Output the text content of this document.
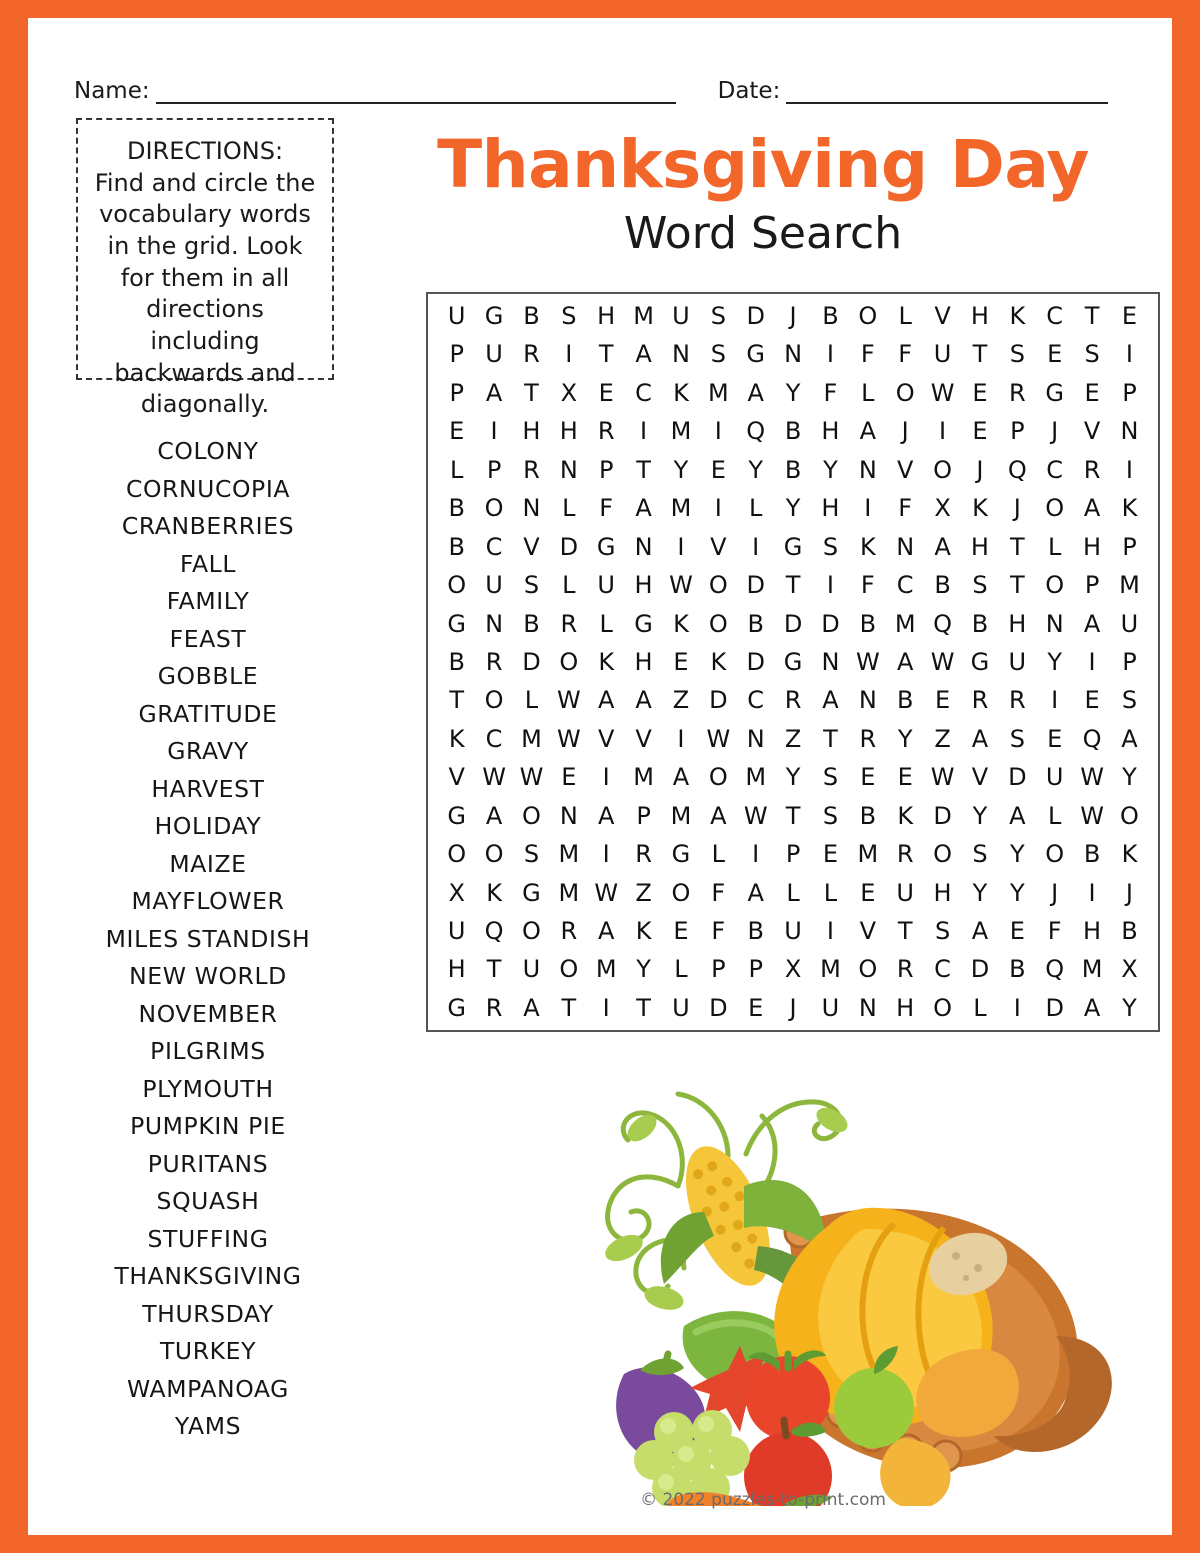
Name:	Date:
DIRECTIONS:
Find and circle the vocabulary words in the grid. Look for them in all directions including backwards and diagonally.
Thanksgiving Day
Word Search
COLONY
CORNUCOPIA
CRANBERRIES
FALL
FAMILY
FEAST
GOBBLE
GRATITUDE
GRAVY
HARVEST
HOLIDAY
MAIZE
MAYFLOWER
MILES STANDISH
NEW WORLD
NOVEMBER
PILGRIMS
PLYMOUTH
PUMPKIN PIE
PURITANS
SQUASH
STUFFING
THANKSGIVING
THURSDAY
TURKEY
WAMPANOAG
YAMS
U G B S H M U S D	J	B O L V H K C T E
P U R	I	T A N S G N	I	F F U T S E S	I
P A T X E C K M A Y F L O W E R G E P
E	I	H H R	I M I	Q B H A	J	I	E P	J	V N
L P R N P T Y E Y B Y N V O	J	Q C R	I
B O N L F A M I	L Y H	I	F X K	J	O A K
B C V D G N	I	V	I	G S K N A H T L H P
O U S L U H W O D T	I	F C B S T O P M
G N B R L G K O B D D B M Q B H N A U
B R D O K H E K D G N W A W G U Y	I	P
T O L W A A Z D C R A N B E R R	I	E S
K C M W V V	I W N Z T R Y Z A S E Q A
V W W E	I M A O M Y S E E W V D U W Y
G A O N A P M A W T S B K D Y A L W O
O O S M I	R G L	I	P E M R O S Y O B K
X K G M W Z O F A L	L E U H Y Y	J	I	J
U Q O R A K E F B U	I	V T S A E F H B
H T U O M Y L P P X M O R C D B Q M X
G R A T	I	T U D E	J	U N H O L	I	D A Y
© 2022 puzzles-to-print.com
